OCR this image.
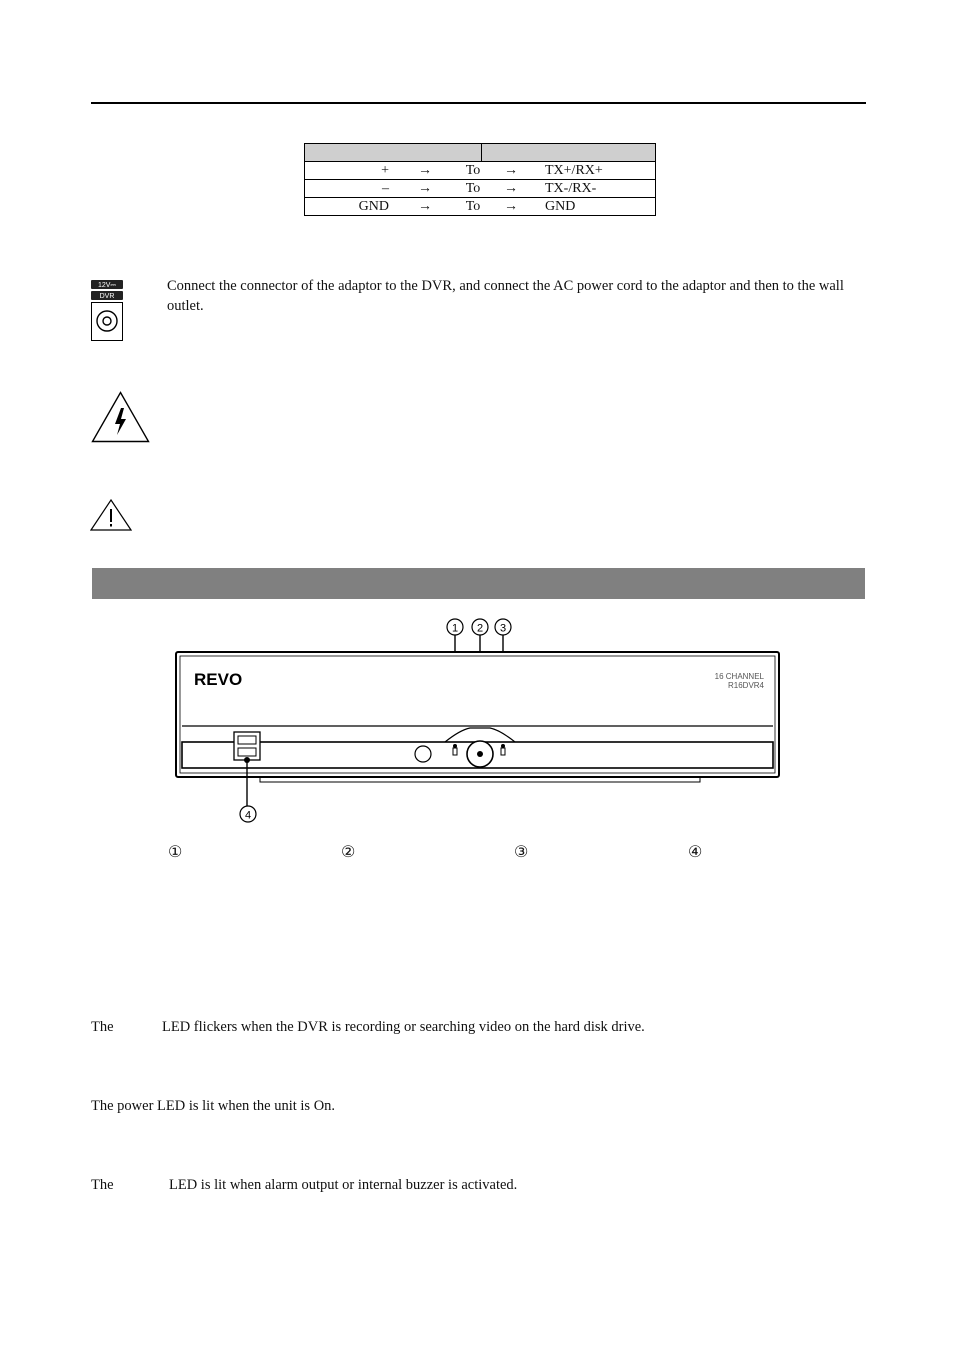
+	→	To	→	TX+/RX+

–	→	To	→	TX-/RX-

GND	→	To	→	GND
12V⎓
DVR
Connect the connector of the adaptor to the DVR, and connect the AC power cord to the adaptor and then to the wall outlet.
1 2 3
REVO	16 CHANNEL
R16DVR4
4
①	②	③	④
The	LED flickers when the DVR is recording or searching video on the hard disk drive.
The power LED is lit when the unit is On.
The	LED is lit when alarm output or internal buzzer is activated.
